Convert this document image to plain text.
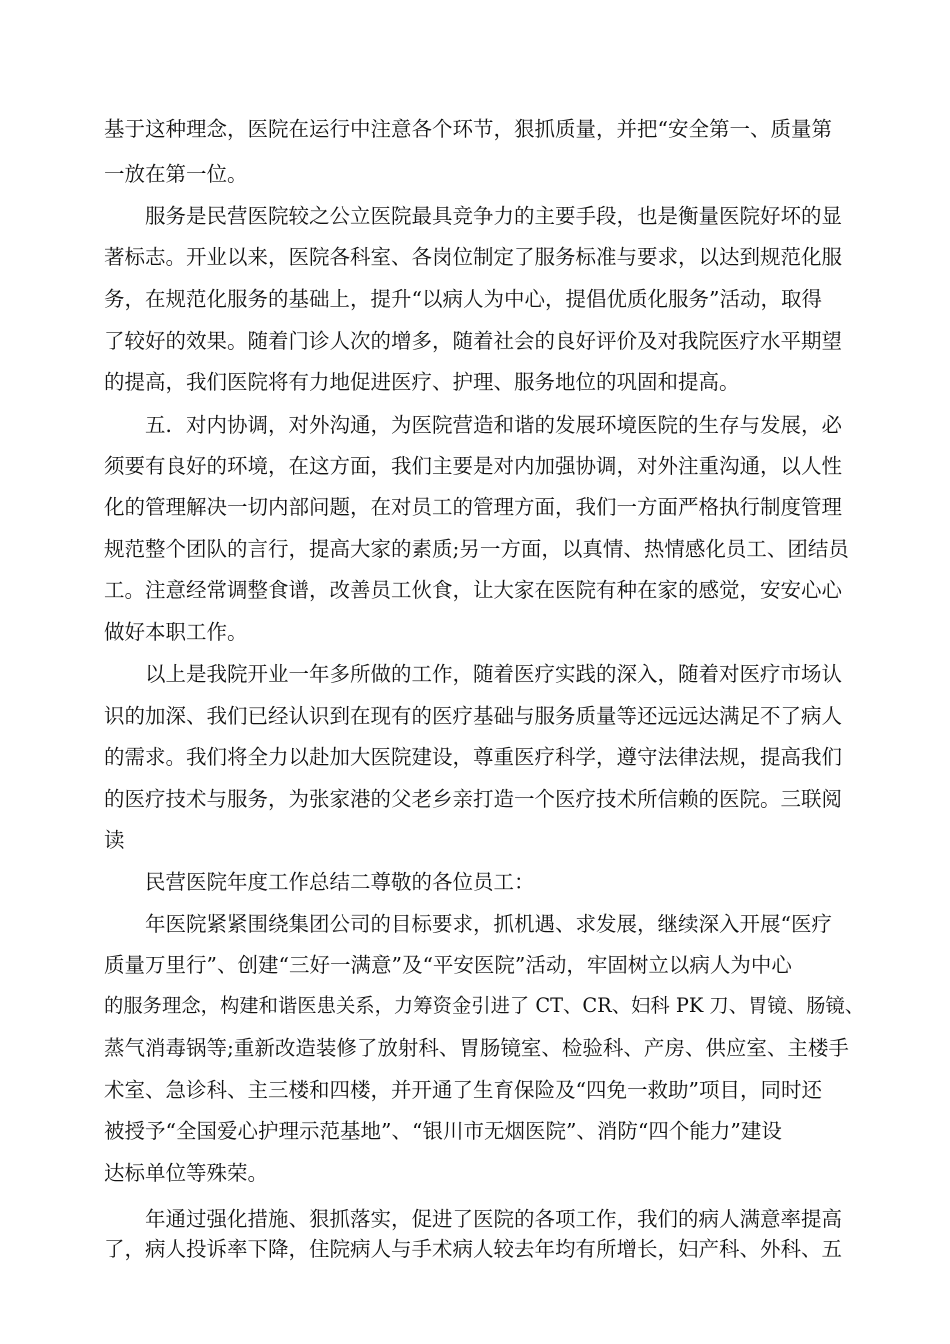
基于这种理念，医院在运行中注意各个环节，狠抓质量，并把“安全第一、质量第
一放在第一位。
服务是民营医院较之公立医院最具竞争力的主要手段，也是衡量医院好坏的显
著标志。开业以来，医院各科室、各岗位制定了服务标准与要求，以达到规范化服
务，在规范化服务的基础上，提升“以病人为中心，提倡优质化服务”活动，取得
了较好的效果。随着门诊人次的增多，随着社会的良好评价及对我院医疗水平期望
的提高，我们医院将有力地促进医疗、护理、服务地位的巩固和提高。
五．对内协调，对外沟通，为医院营造和谐的发展环境医院的生存与发展，必
须要有良好的环境，在这方面，我们主要是对内加强协调，对外注重沟通，以人性
化的管理解决一切内部问题，在对员工的管理方面，我们一方面严格执行制度管理
规范整个团队的言行，提高大家的素质;另一方面，以真情、热情感化员工、团结员
工。注意经常调整食谱，改善员工伙食，让大家在医院有种在家的感觉，安安心心
做好本职工作。
以上是我院开业一年多所做的工作，随着医疗实践的深入，随着对医疗市场认
识的加深、我们已经认识到在现有的医疗基础与服务质量等还远远达满足不了病人
的需求。我们将全力以赴加大医院建设，尊重医疗科学，遵守法律法规，提高我们
的医疗技术与服务，为张家港的父老乡亲打造一个医疗技术所信赖的医院。三联阅
读
民营医院年度工作总结二尊敬的各位员工：
年医院紧紧围绕集团公司的目标要求，抓机遇、求发展，继续深入开展“医疗
质量万里行”、创建“三好一满意”及“平安医院”活动，牢固树立以病人为中心
的服务理念，构建和谐医患关系，力筹资金引进了 CT、CR、妇科 PK 刀、胃镜、肠镜、
蒸气消毒锅等;重新改造装修了放射科、胃肠镜室、检验科、产房、供应室、主楼手
术室、急诊科、主三楼和四楼，并开通了生育保险及“四免一救助”项目，同时还
被授予“全国爱心护理示范基地”、“银川市无烟医院”、消防“四个能力”建设
达标单位等殊荣。
年通过强化措施、狠抓落实，促进了医院的各项工作，我们的病人满意率提高
了，病人投诉率下降，住院病人与手术病人较去年均有所增长，妇产科、外科、五
